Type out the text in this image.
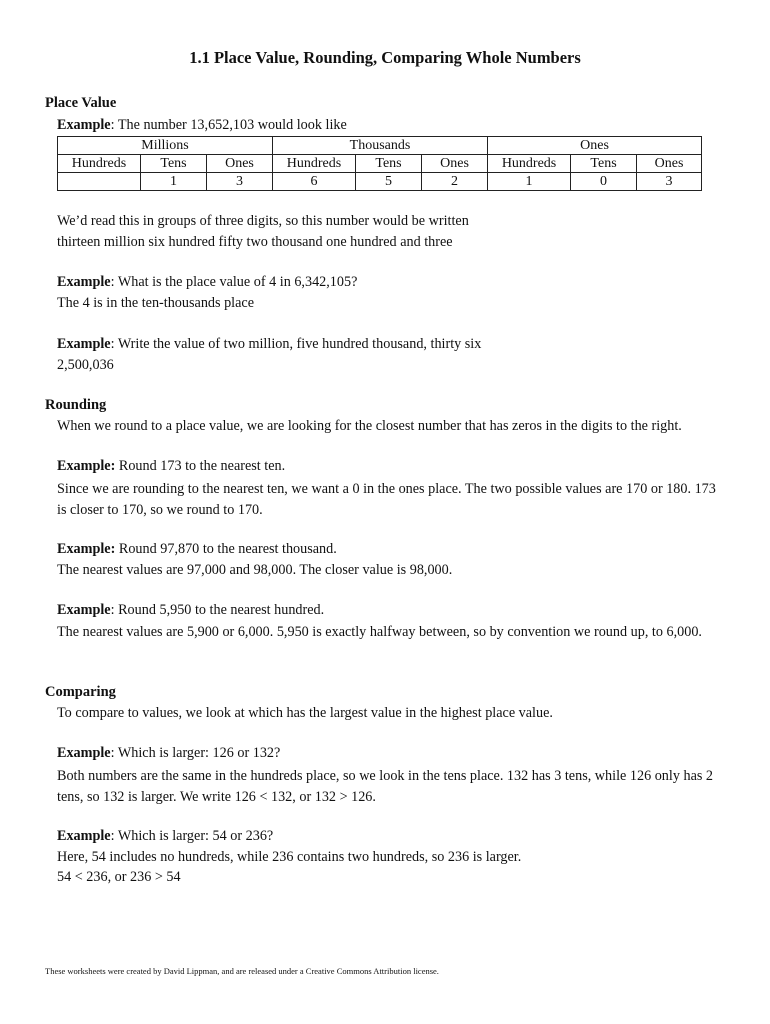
1.1 Place Value, Rounding, Comparing Whole Numbers
Place Value
Example: The number 13,652,103 would look like
Millions			Thousands			Ones		
Hundreds	Tens	Ones	Hundreds	Tens	Ones	Hundreds	Tens	Ones
	1	3	6	5	2	1	0	3
We’d read this in groups of three digits, so this number would be written
thirteen million six hundred fifty two thousand one hundred and three
Example: What is the place value of 4 in 6,342,105?
The 4 is in the ten-thousands place
Example: Write the value of two million, five hundred thousand, thirty six
2,500,036
Rounding
When we round to a place value, we are looking for the closest number that has zeros in the digits to the right.
Example: Round 173 to the nearest ten.
Since we are rounding to the nearest ten, we want a 0 in the ones place. The two possible values are 170 or 180. 173 is closer to 170, so we round to 170.
Example: Round 97,870 to the nearest thousand.
The nearest values are 97,000 and 98,000. The closer value is 98,000.
Example: Round 5,950 to the nearest hundred.
The nearest values are 5,900 or 6,000. 5,950 is exactly halfway between, so by convention we round up, to 6,000.
Comparing
To compare to values, we look at which has the largest value in the highest place value.
Example: Which is larger: 126 or 132?
Both numbers are the same in the hundreds place, so we look in the tens place. 132 has 3 tens, while 126 only has 2 tens, so 132 is larger. We write 126 < 132, or 132 > 126.
Example: Which is larger: 54 or 236?
Here, 54 includes no hundreds, while 236 contains two hundreds, so 236 is larger.
54 < 236, or 236 > 54
These worksheets were created by David Lippman, and are released under a Creative Commons Attribution license.
